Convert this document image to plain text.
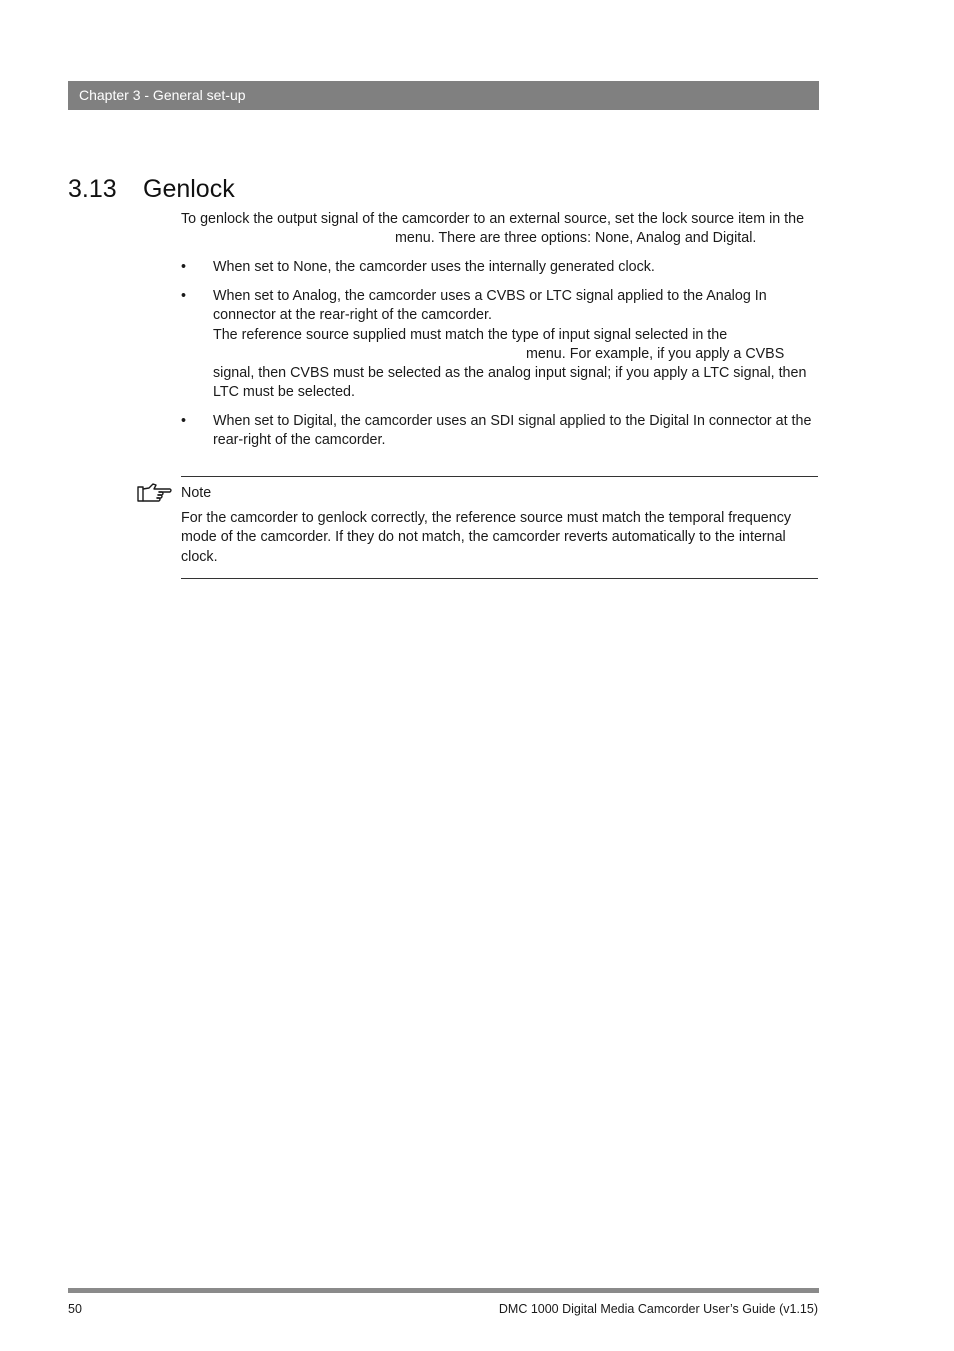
Chapter 3 - General set-up
3.13 Genlock

To genlock the output signal of the camcorder to an external source, set the lock source item in themenu. There are three options: None, Analog and Digital.

•	When set to None, the camcorder uses the internally generated clock.
•	When set to Analog, the camcorder uses a CVBS or LTC signal applied to the Analog In connector at the rear-right of the camcorder.
The reference source supplied must match the type of input signal selected in themenu. For example, if you apply a CVBS signal, then CVBS must be selected as the analog input signal; if you apply a LTC signal, then LTC must be selected.
•	When set to Digital, the camcorder uses an SDI signal applied to the Digital In connector at the rear-right of the camcorder.
Note

For the camcorder to genlock correctly, the reference source must match the temporal frequency mode of the camcorder. If they do not match, the camcorder reverts automatically to the internal clock.

50	DMC 1000 Digital Media Camcorder User’s Guide (v1.15)
